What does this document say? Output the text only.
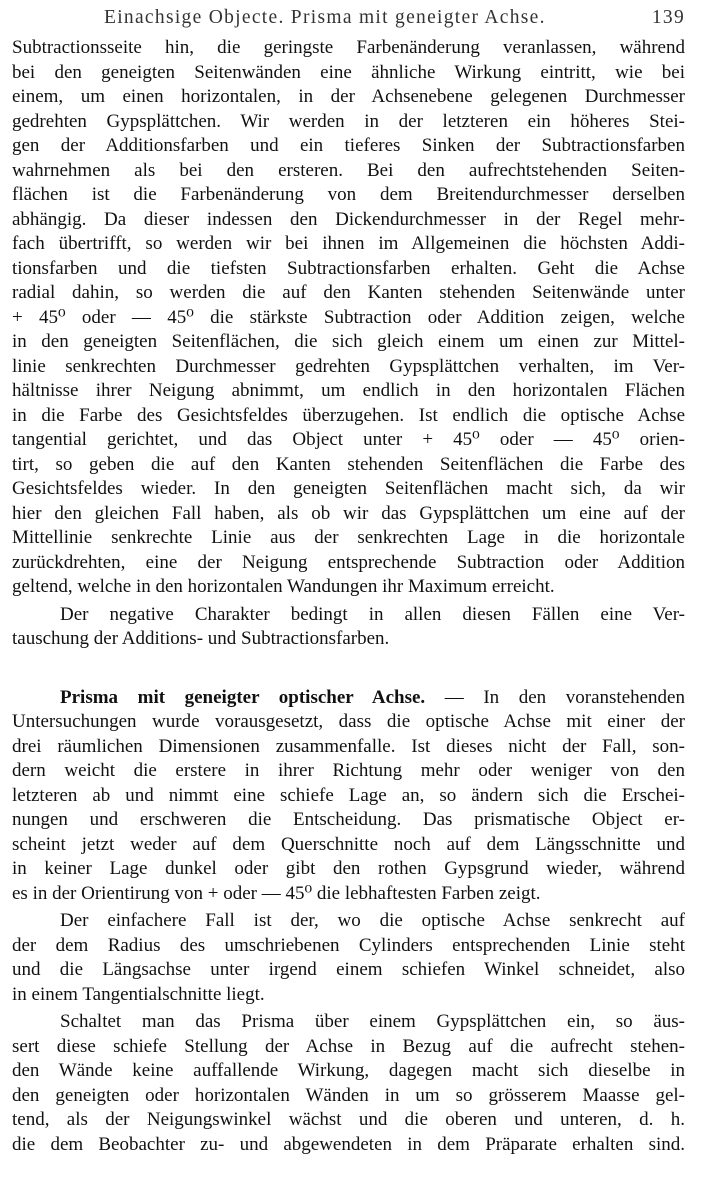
Einachsige Objecte. Prisma mit geneigter Achse.	139
Subtractionsseite hin, die geringste Farbenänderung veranlassen, während
bei den geneigten Seitenwänden eine ähnliche Wirkung eintritt, wie bei
einem, um einen horizontalen, in der Achsenebene gelegenen Durchmesser
gedrehten Gypsplättchen. Wir werden in der letzteren ein höheres Stei-
gen der Additionsfarben und ein tieferes Sinken der Subtractionsfarben
wahrnehmen als bei den ersteren. Bei den aufrechtstehenden Seiten-
flächen ist die Farbenänderung von dem Breitendurchmesser derselben
abhängig. Da dieser indessen den Dickendurchmesser in der Regel mehr-
fach übertrifft, so werden wir bei ihnen im Allgemeinen die höchsten Addi-
tionsfarben und die tiefsten Subtractionsfarben erhalten. Geht die Achse
radial dahin, so werden die auf den Kanten stehenden Seitenwände unter
+ 45⁰ oder — 45⁰ die stärkste Subtraction oder Addition zeigen, welche
in den geneigten Seitenflächen, die sich gleich einem um einen zur Mittel-
linie senkrechten Durchmesser gedrehten Gypsplättchen verhalten, im Ver-
hältnisse ihrer Neigung abnimmt, um endlich in den horizontalen Flächen
in die Farbe des Gesichtsfeldes überzugehen. Ist endlich die optische Achse
tangential gerichtet, und das Object unter + 45⁰ oder — 45⁰ orien-
tirt, so geben die auf den Kanten stehenden Seitenflächen die Farbe des
Gesichtsfeldes wieder. In den geneigten Seitenflächen macht sich, da wir
hier den gleichen Fall haben, als ob wir das Gypsplättchen um eine auf der
Mittellinie senkrechte Linie aus der senkrechten Lage in die horizontale
zurückdrehten, eine der Neigung entsprechende Subtraction oder Addition
geltend, welche in den horizontalen Wandungen ihr Maximum erreicht.
Der negative Charakter bedingt in allen diesen Fällen eine Ver-
tauschung der Additions- und Subtractionsfarben.
Prisma mit geneigter optischer Achse. — In den voranstehenden
Untersuchungen wurde vorausgesetzt, dass die optische Achse mit einer der
drei räumlichen Dimensionen zusammenfalle. Ist dieses nicht der Fall, son-
dern weicht die erstere in ihrer Richtung mehr oder weniger von den
letzteren ab und nimmt eine schiefe Lage an, so ändern sich die Erschei-
nungen und erschweren die Entscheidung. Das prismatische Object er-
scheint jetzt weder auf dem Querschnitte noch auf dem Längsschnitte und
in keiner Lage dunkel oder gibt den rothen Gypsgrund wieder, während
es in der Orientirung von + oder — 45⁰ die lebhaftesten Farben zeigt.
Der einfachere Fall ist der, wo die optische Achse senkrecht auf
der dem Radius des umschriebenen Cylinders entsprechenden Linie steht
und die Längsachse unter irgend einem schiefen Winkel schneidet, also
in einem Tangentialschnitte liegt.
Schaltet man das Prisma über einem Gypsplättchen ein, so äus-
sert diese schiefe Stellung der Achse in Bezug auf die aufrecht stehen-
den Wände keine auffallende Wirkung, dagegen macht sich dieselbe in
den geneigten oder horizontalen Wänden in um so grösserem Maasse gel-
tend, als der Neigungswinkel wächst und die oberen und unteren, d. h.
die dem Beobachter zu- und abgewendeten in dem Präparate erhalten sind.
